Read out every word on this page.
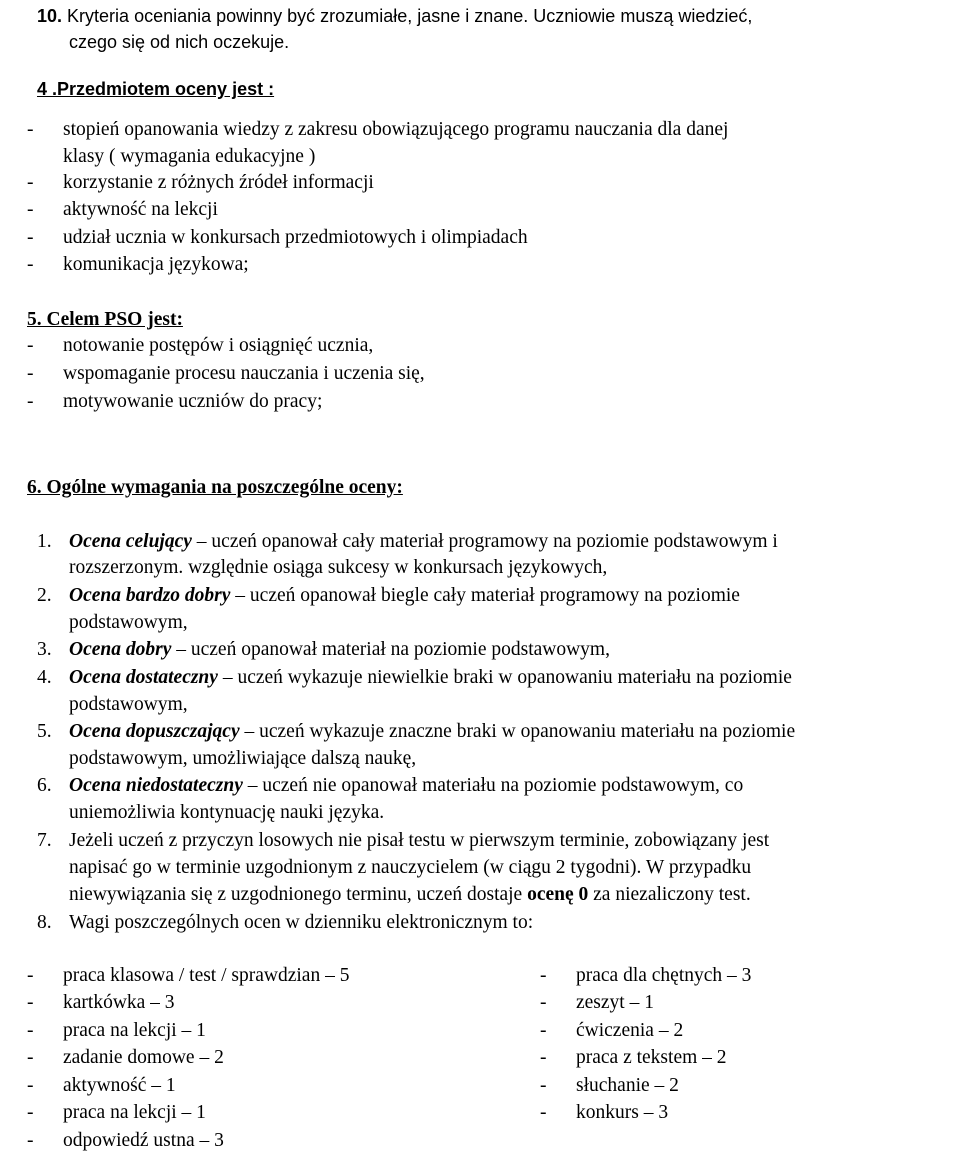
10. Kryteria oceniania powinny być zrozumiałe, jasne i znane. Uczniowie muszą wiedzieć,
czego się od nich oczekuje.
4 .Przedmiotem oceny jest :
-	stopień opanowania wiedzy z zakresu obowiązującego programu nauczania dla danej
klasy ( wymagania edukacyjne )
-	korzystanie z różnych źródeł informacji
-	aktywność na lekcji
-	udział ucznia w konkursach przedmiotowych i olimpiadach
-	komunikacja językowa;
5. Celem PSO jest:
-	notowanie postępów i osiągnięć ucznia,
-	wspomaganie procesu nauczania i uczenia się,
-	motywowanie uczniów do pracy;
6. Ogólne wymagania na poszczególne oceny:
1. Ocena celujący – uczeń opanował cały materiał programowy na poziomie podstawowym i
rozszerzonym. względnie osiąga sukcesy w konkursach językowych,
2. Ocena bardzo dobry – uczeń opanował biegle cały materiał programowy na poziomie
podstawowym,
3. Ocena dobry – uczeń opanował materiał na poziomie podstawowym,
4. Ocena dostateczny – uczeń wykazuje niewielkie braki w opanowaniu materiału na poziomie
podstawowym,
5. Ocena dopuszczający – uczeń wykazuje znaczne braki w opanowaniu materiału na poziomie
podstawowym, umożliwiające dalszą naukę,
6. Ocena niedostateczny – uczeń nie opanował materiału na poziomie podstawowym, co
uniemożliwia kontynuację nauki języka.
7. Jeżeli uczeń z przyczyn losowych nie pisał testu w pierwszym terminie, zobowiązany jest
napisać go w terminie uzgodnionym z nauczycielem (w ciągu 2 tygodni). W przypadku
niewywiązania się z uzgodnionego terminu, uczeń dostaje ocenę 0 za niezaliczony test.
8. Wagi poszczególnych ocen w dzienniku elektronicznym to:
-	praca klasowa / test / sprawdzian – 5
-	kartkówka – 3
-	praca na lekcji – 1
-	zadanie domowe – 2
-	aktywność – 1
-	praca na lekcji – 1
-	odpowiedź ustna – 3
-	praca dla chętnych – 3
-	zeszyt – 1
-	ćwiczenia – 2
-	praca z tekstem – 2
-	słuchanie – 2
-	konkurs – 3
